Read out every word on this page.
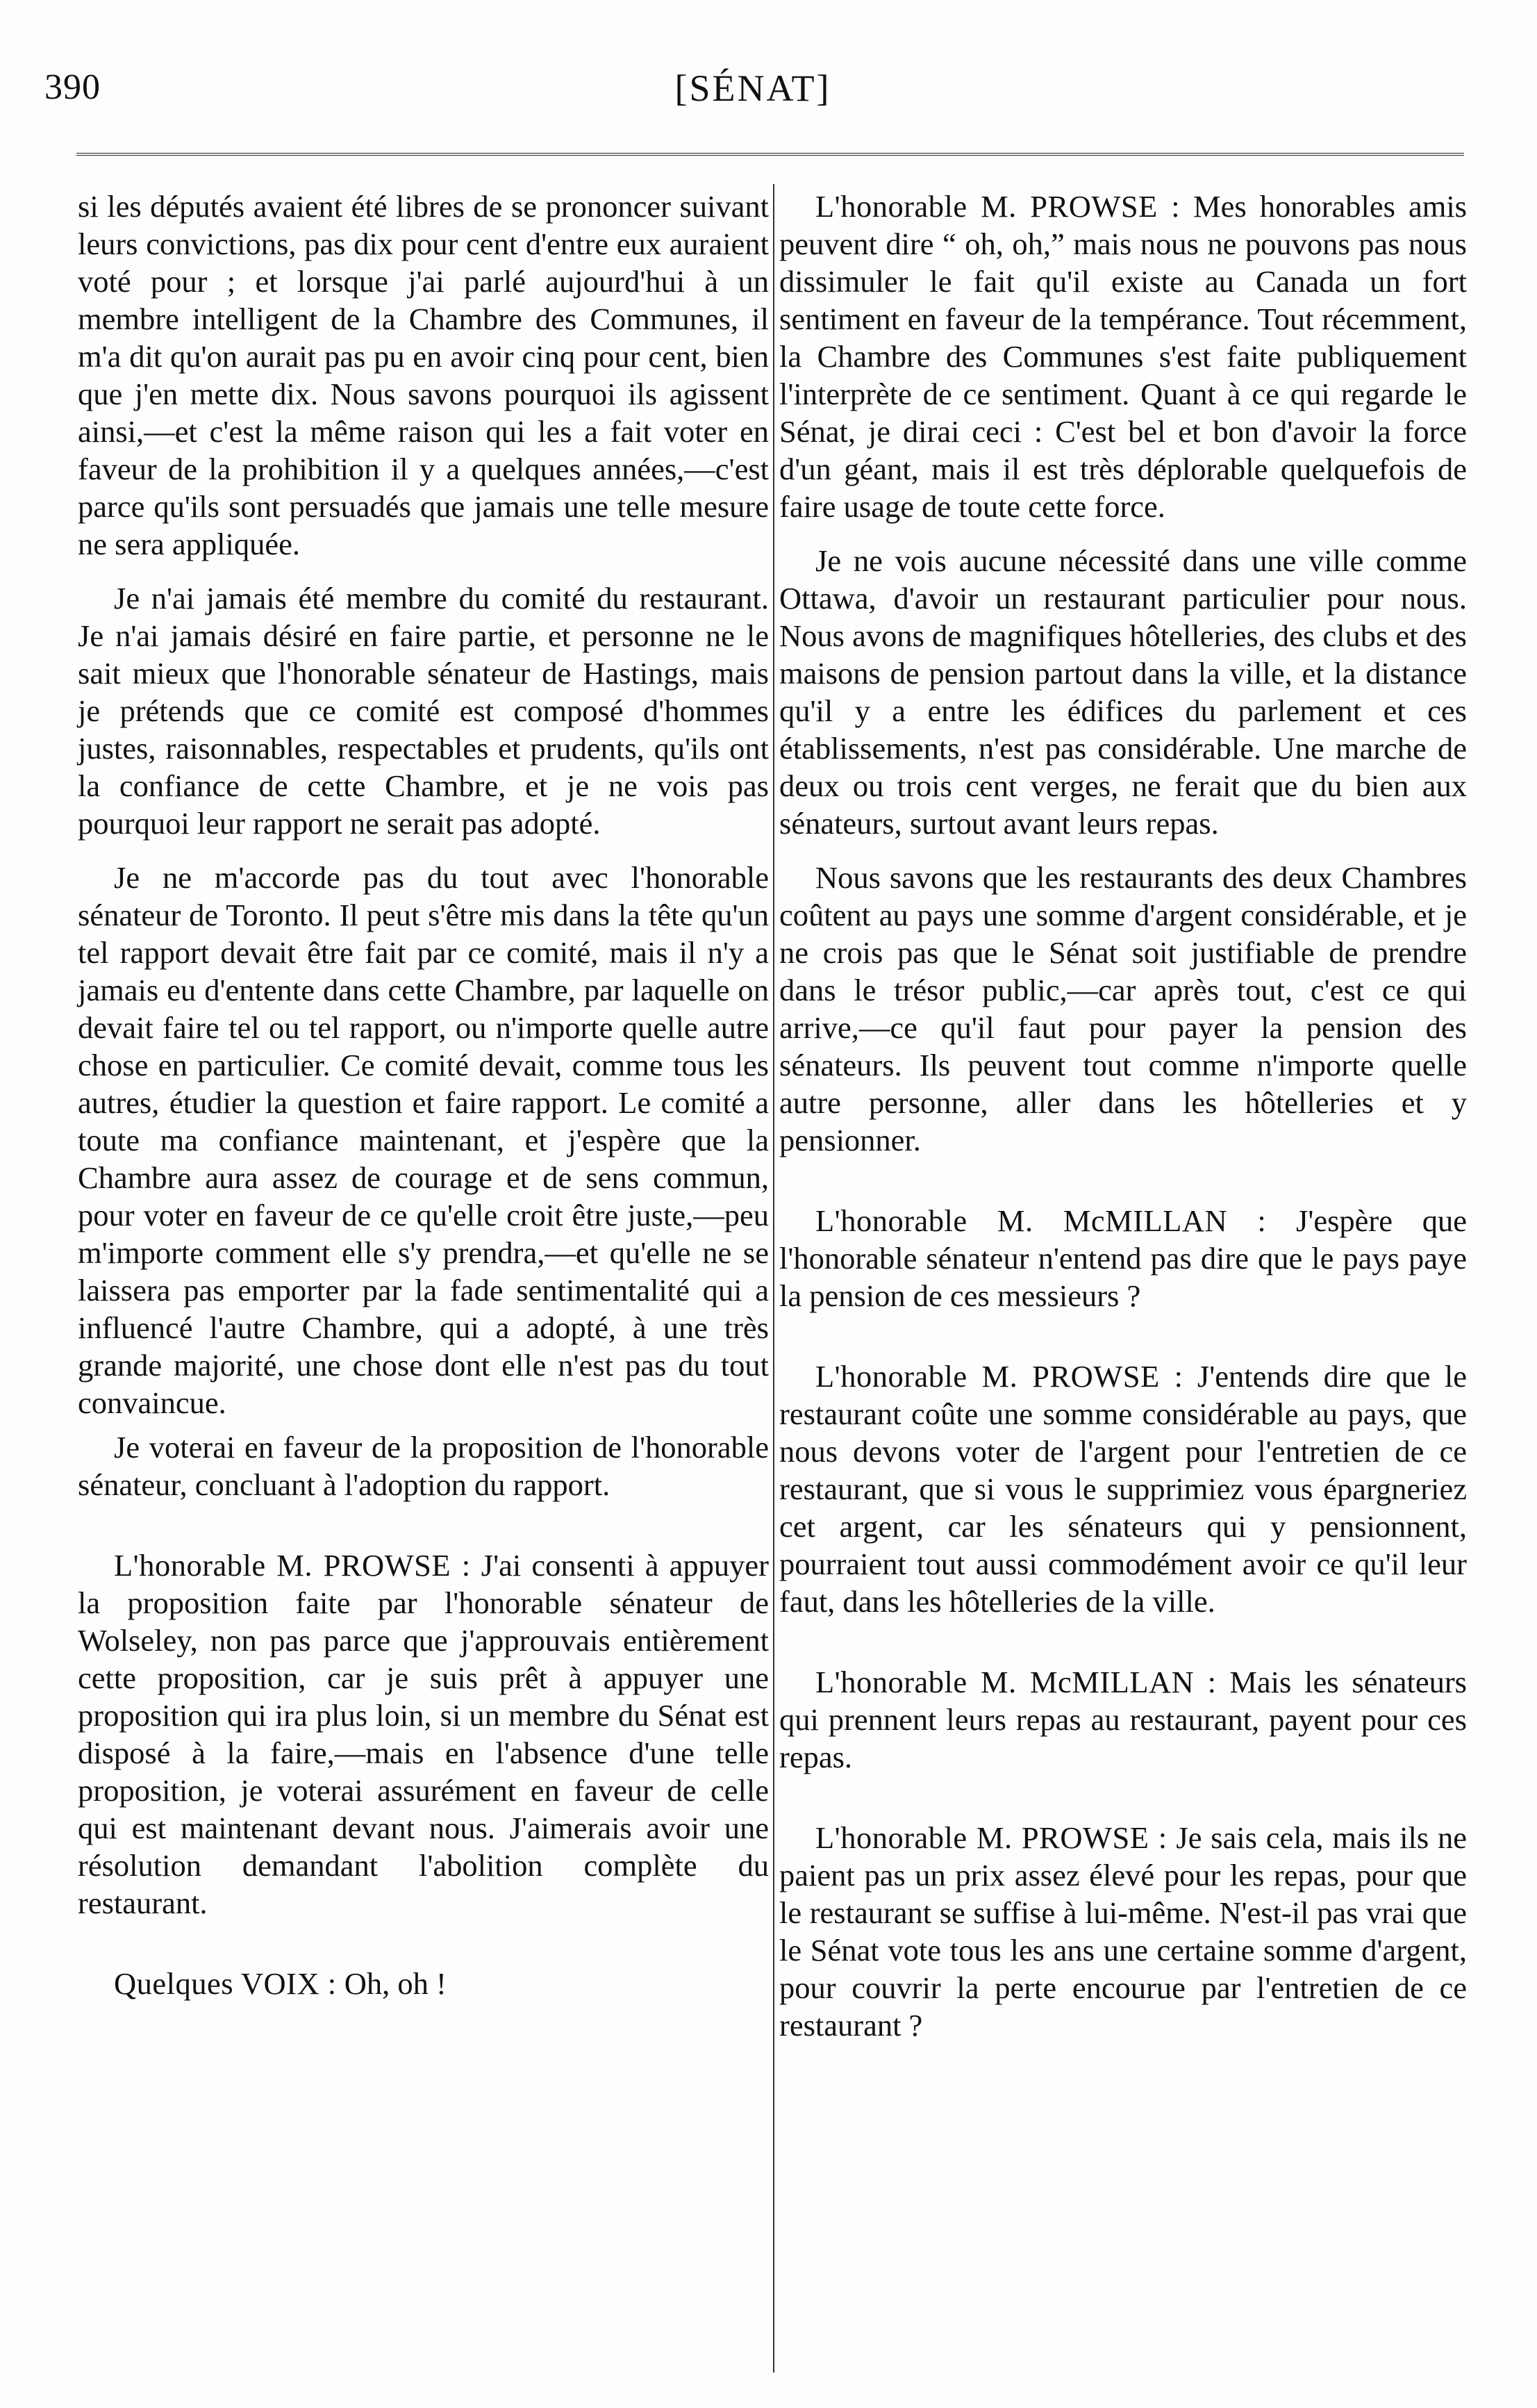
390	[SÉNAT]

si les députés avaient été libres de se prononcer suivant leurs convictions, pas dix pour cent d'entre eux auraient voté pour ; et lorsque j'ai parlé aujourd'hui à un membre intelligent de la Chambre des Communes, il m'a dit qu'on aurait pas pu en avoir cinq pour cent, bien que j'en mette dix. Nous savons pourquoi ils agissent ainsi,—et c'est la même raison qui les a fait voter en faveur de la prohibition il y a quelques années,—c'est parce qu'ils sont persuadés que jamais une telle mesure ne sera appliquée.

Je n'ai jamais été membre du comité du restaurant. Je n'ai jamais désiré en faire partie, et personne ne le sait mieux que l'honorable sénateur de Hastings, mais je prétends que ce comité est composé d'hommes justes, raisonnables, respectables et prudents, qu'ils ont la confiance de cette Chambre, et je ne vois pas pourquoi leur rapport ne serait pas adopté.

Je ne m'accorde pas du tout avec l'honorable sénateur de Toronto. Il peut s'être mis dans la tête qu'un tel rapport devait être fait par ce comité, mais il n'y a jamais eu d'entente dans cette Chambre, par laquelle on devait faire tel ou tel rapport, ou n'importe quelle autre chose en particulier. Ce comité devait, comme tous les autres, étudier la question et faire rapport. Le comité a toute ma confiance maintenant, et j'espère que la Chambre aura assez de courage et de sens commun, pour voter en faveur de ce qu'elle croit être juste,—peu m'importe comment elle s'y prendra,—et qu'elle ne se laissera pas emporter par la fade sentimentalité qui a influencé l'autre Chambre, qui a adopté, à une très grande majorité, une chose dont elle n'est pas du tout convaincue.

Je voterai en faveur de la proposition de l'honorable sénateur, concluant à l'adoption du rapport.

L'honorable M. PROWSE : J'ai consenti à appuyer la proposition faite par l'honorable sénateur de Wolseley, non pas parce que j'approuvais entièrement cette proposition, car je suis prêt à appuyer une proposition qui ira plus loin, si un membre du Sénat est disposé à la faire,—mais en l'absence d'une telle proposition, je voterai assurément en faveur de celle qui est maintenant devant nous. J'aimerais avoir une résolution demandant l'abolition complète du restaurant.

Quelques VOIX : Oh, oh !

L'honorable M. PROWSE : Mes honorables amis peuvent dire “ oh, oh,” mais nous ne pouvons pas nous dissimuler le fait qu'il existe au Canada un fort sentiment en faveur de la tempérance. Tout récemment, la Chambre des Communes s'est faite publiquement l'interprète de ce sentiment. Quant à ce qui regarde le Sénat, je dirai ceci : C'est bel et bon d'avoir la force d'un géant, mais il est très déplorable quelquefois de faire usage de toute cette force.

Je ne vois aucune nécessité dans une ville comme Ottawa, d'avoir un restaurant particulier pour nous. Nous avons de magnifiques hôtelleries, des clubs et des maisons de pension partout dans la ville, et la distance qu'il y a entre les édifices du parlement et ces établissements, n'est pas considérable. Une marche de deux ou trois cent verges, ne ferait que du bien aux sénateurs, surtout avant leurs repas.

Nous savons que les restaurants des deux Chambres coûtent au pays une somme d'argent considérable, et je ne crois pas que le Sénat soit justifiable de prendre dans le trésor public,—car après tout, c'est ce qui arrive,—ce qu'il faut pour payer la pension des sénateurs. Ils peuvent tout comme n'importe quelle autre personne, aller dans les hôtelleries et y pensionner.

L'honorable M. McMILLAN : J'espère que l'honorable sénateur n'entend pas dire que le pays paye la pension de ces messieurs ?

L'honorable M. PROWSE : J'entends dire que le restaurant coûte une somme considérable au pays, que nous devons voter de l'argent pour l'entretien de ce restaurant, que si vous le supprimiez vous épargneriez cet argent, car les sénateurs qui y pensionnent, pourraient tout aussi commodément avoir ce qu'il leur faut, dans les hôtelleries de la ville.

L'honorable M. McMILLAN : Mais les sénateurs qui prennent leurs repas au restaurant, payent pour ces repas.

L'honorable M. PROWSE : Je sais cela, mais ils ne paient pas un prix assez élevé pour les repas, pour que le restaurant se suffise à lui-même. N'est-il pas vrai que le Sénat vote tous les ans une certaine somme d'argent, pour couvrir la perte encourue par l'entretien de ce restaurant ?
